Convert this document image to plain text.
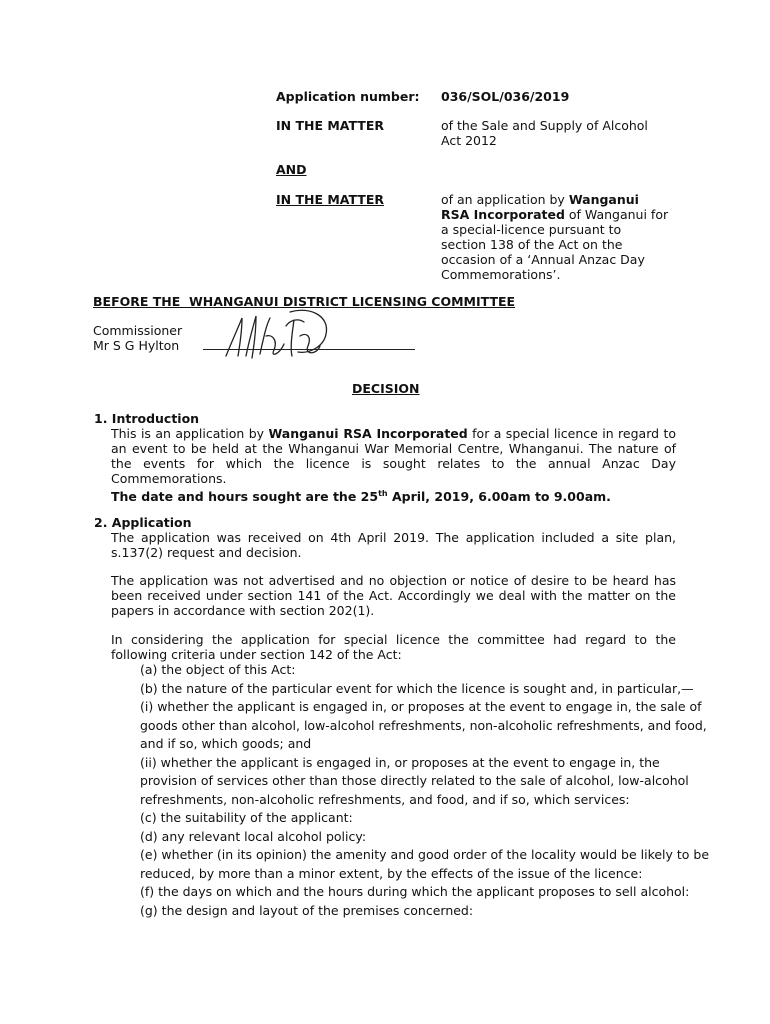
Application number:	036/SOL/036/2019
IN THE MATTER	of the Sale and Supply of Alcohol Act 2012
AND
IN THE MATTER	of an application by Wanganui RSA Incorporated of Wanganui for a special-licence pursuant to section 138 of the Act on the occasion of a ‘Annual Anzac Day Commemorations’.
BEFORE THE  WHANGANUI DISTRICT LICENSING COMMITTEE
Commissioner
Mr S G Hylton
DECISION
1. Introduction
This is an application by Wanganui RSA Incorporated for a special licence in regard to an event to be held at the Whanganui War Memorial Centre, Whanganui. The nature of the events for which the licence is sought relates to the annual Anzac Day Commemorations.
The date and hours sought are the 25th April, 2019, 6.00am to 9.00am.
2. Application
The application was received on 4th April 2019. The application included a site plan, s.137(2) request and decision.
The application was not advertised and no objection or notice of desire to be heard has been received under section 141 of the Act. Accordingly we deal with the matter on the papers in accordance with section 202(1).
In considering the application for special licence the committee had regard to the following criteria under section 142 of the Act:
(a) the object of this Act:
(b) the nature of the particular event for which the licence is sought and, in particular,—
(i) whether the applicant is engaged in, or proposes at the event to engage in, the sale of
goods other than alcohol, low-alcohol refreshments, non-alcoholic refreshments, and food,
and if so, which goods; and
(ii) whether the applicant is engaged in, or proposes at the event to engage in, the
provision of services other than those directly related to the sale of alcohol, low-alcohol
refreshments, non-alcoholic refreshments, and food, and if so, which services:
(c) the suitability of the applicant:
(d) any relevant local alcohol policy:
(e) whether (in its opinion) the amenity and good order of the locality would be likely to be
reduced, by more than a minor extent, by the effects of the issue of the licence:
(f) the days on which and the hours during which the applicant proposes to sell alcohol:
(g) the design and layout of the premises concerned:
